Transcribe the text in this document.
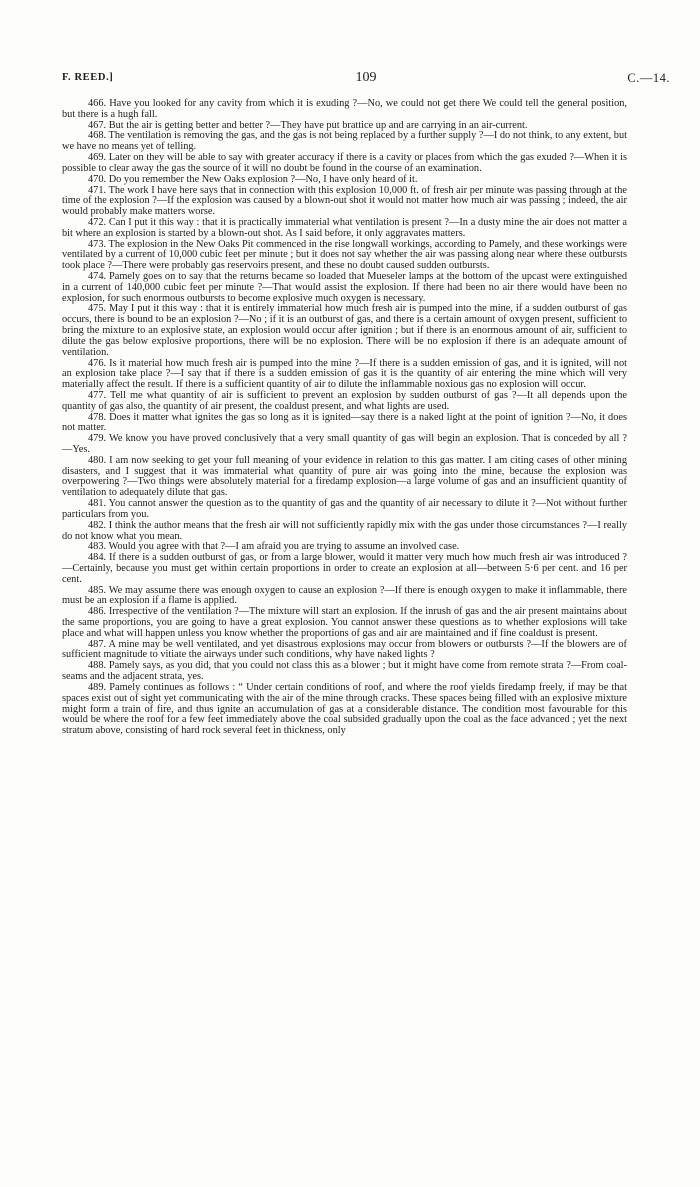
F. REED.]	109	C.—14.

466. Have you looked for any cavity from which it is exuding ?—No, we could not get there We could tell the general position, but there is a hugh fall.

467. But the air is getting better and better ?—They have put brattice up and are carrying in an air-current.

468. The ventilation is removing the gas, and the gas is not being replaced by a further supply ?—I do not think, to any extent, but we have no means yet of telling.

469. Later on they will be able to say with greater accuracy if there is a cavity or places from which the gas exuded ?—When it is possible to clear away the gas the source of it will no doubt be found in the course of an examination.

470. Do you remember the New Oaks explosion ?—No, I have only heard of it.

471. The work I have here says that in connection with this explosion 10,000 ft. of fresh air per minute was passing through at the time of the explosion ?—If the explosion was caused by a blown-out shot it would not matter how much air was passing ; indeed, the air would probably make matters worse.

472. Can I put it this way : that it is practically immaterial what ventilation is present ?—In a dusty mine the air does not matter a bit where an explosion is started by a blown-out shot. As I said before, it only aggravates matters.

473. The explosion in the New Oaks Pit commenced in the rise longwall workings, according to Pamely, and these workings were ventilated by a current of 10,000 cubic feet per minute ; but it does not say whether the air was passing along near where these outbursts took place ?—There were probably gas reservoirs present, and these no doubt caused sudden outbursts.

474. Pamely goes on to say that the returns became so loaded that Mueseler lamps at the bottom of the upcast were extinguished in a current of 140,000 cubic feet per minute ?—That would assist the explosion. If there had been no air there would have been no explosion, for such enormous outbursts to become explosive much oxygen is necessary.

475. May I put it this way : that it is entirely immaterial how much fresh air is pumped into the mine, if a sudden outburst of gas occurs, there is bound to be an explosion ?—No ; if it is an outburst of gas, and there is a certain amount of oxygen present, sufficient to bring the mixture to an explosive state, an explosion would occur after ignition ; but if there is an enormous amount of air, sufficient to dilute the gas below explosive proportions, there will be no explosion. There will be no explosion if there is an adequate amount of ventilation.

476. Is it material how much fresh air is pumped into the mine ?—If there is a sudden emission of gas, and it is ignited, will not an explosion take place ?—I say that if there is a sudden emission of gas it is the quantity of air entering the mine which will very materially affect the result. If there is a sufficient quantity of air to dilute the inflammable noxious gas no explosion will occur.

477. Tell me what quantity of air is sufficient to prevent an explosion by sudden outburst of gas ?—It all depends upon the quantity of gas also, the quantity of air present, the coaldust present, and what lights are used.

478. Does it matter what ignites the gas so long as it is ignited—say there is a naked light at the point of ignition ?—No, it does not matter.

479. We know you have proved conclusively that a very small quantity of gas will begin an explosion. That is conceded by all ?—Yes.

480. I am now seeking to get your full meaning of your evidence in relation to this gas matter. I am citing cases of other mining disasters, and I suggest that it was immaterial what quantity of pure air was going into the mine, because the explosion was overpowering ?—Two things were absolutely material for a firedamp explosion—a large volume of gas and an insufficient quantity of ventilation to adequately dilute that gas.

481. You cannot answer the question as to the quantity of gas and the quantity of air necessary to dilute it ?—Not without further particulars from you.

482. I think the author means that the fresh air will not sufficiently rapidly mix with the gas under those circumstances ?—I really do not know what you mean.

483. Would you agree with that ?—I am afraid you are trying to assume an involved case.

484. If there is a sudden outburst of gas, or from a large blower, would it matter very much how much fresh air was introduced ?—Certainly, because you must get within certain proportions in order to create an explosion at all—between 5·6 per cent. and 16 per cent.

485. We may assume there was enough oxygen to cause an explosion ?—If there is enough oxygen to make it inflammable, there must be an explosion if a flame is applied.

486. Irrespective of the ventilation ?—The mixture will start an explosion. If the inrush of gas and the air present maintains about the same proportions, you are going to have a great explosion. You cannot answer these questions as to whether explosions will take place and what will happen unless you know whether the proportions of gas and air are maintained and if fine coaldust is present.

487. A mine may be well ventilated, and yet disastrous explosions may occur from blowers or outbursts ?—If the blowers are of sufficient magnitude to vitiate the airways under such conditions, why have naked lights ?

488. Pamely says, as you did, that you could not class this as a blower ; but it might have come from remote strata ?—From coal-seams and the adjacent strata, yes.

489. Pamely continues as follows : “ Under certain conditions of roof, and where the roof yields firedamp freely, if may be that spaces exist out of sight yet communicating with the air of the mine through cracks. These spaces being filled with an explosive mixture might form a train of fire, and thus ignite an accumulation of gas at a considerable distance. The condition most favourable for this would be where the roof for a few feet immediately above the coal subsided gradually upon the coal as the face advanced ; yet the next stratum above, consisting of hard rock several feet in thickness, only
